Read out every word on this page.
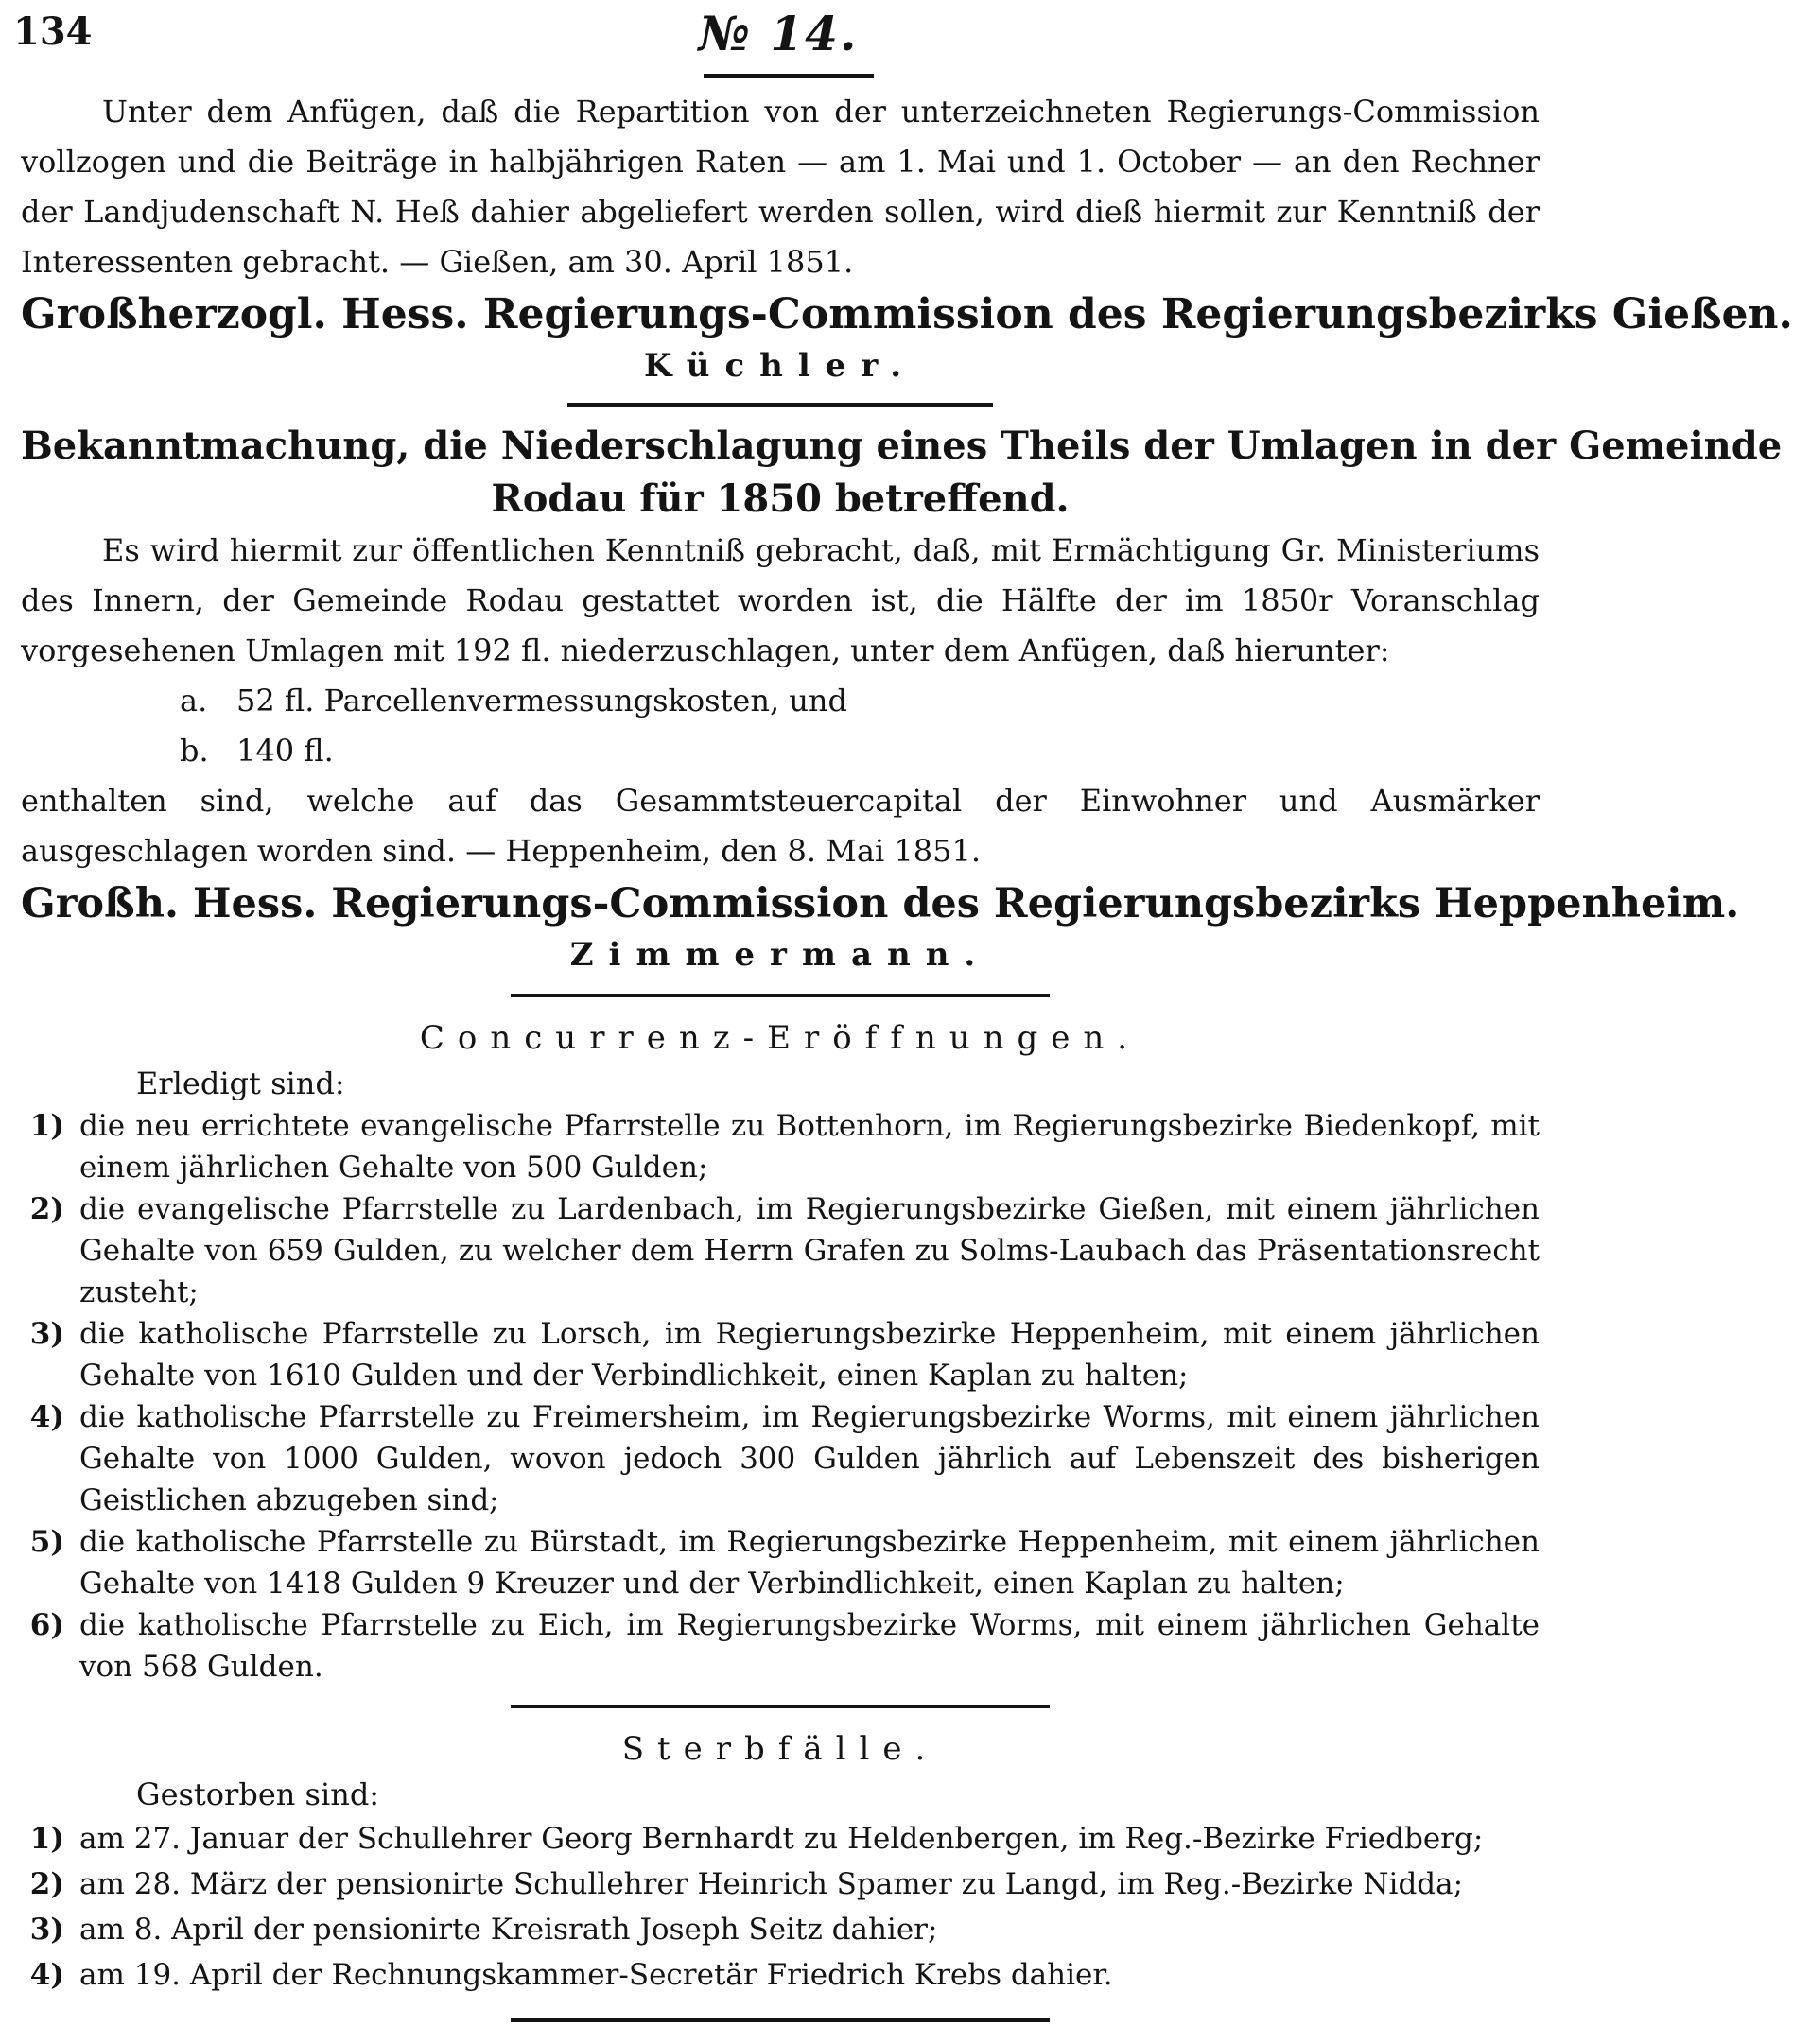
134	№ 14.

Unter dem Anfügen, daß die Repartition von der unterzeichneten Regierungs-Commission vollzogen und die Beiträge in halbjährigen Raten — am 1. Mai und 1. October — an den Rechner der Landjudenschaft N. Heß dahier abgeliefert werden sollen, wird dieß hiermit zur Kenntniß der Interessenten gebracht. — Gießen, am 30. April 1851.

Großherzogl. Hess. Regierungs-Commission des Regierungsbezirks Gießen.

Küchler.

Bekanntmachung, die Niederschlagung eines Theils der Umlagen in der Gemeinde

Rodau für 1850 betreffend.

Es wird hiermit zur öffentlichen Kenntniß gebracht, daß, mit Ermächtigung Gr. Ministeriums des Innern, der Gemeinde Rodau gestattet worden ist, die Hälfte der im 1850r Voranschlag vorgesehenen Umlagen mit 192 fl. niederzuschlagen, unter dem Anfügen, daß hierunter:

a. 52 fl. Parcellenvermessungskosten, und
b. 140 fl.

enthalten sind, welche auf das Gesammtsteuercapital der Einwohner und Ausmärker ausgeschlagen worden sind. — Heppenheim, den 8. Mai 1851.

Großh. Hess. Regierungs-Commission des Regierungsbezirks Heppenheim.

Zimmermann.

Concurrenz-Eröffnungen.

Erledigt sind:

1) die neu errichtete evangelische Pfarrstelle zu Bottenhorn, im Regierungsbezirke Biedenkopf, mit einem jährlichen Gehalte von 500 Gulden;
2) die evangelische Pfarrstelle zu Lardenbach, im Regierungsbezirke Gießen, mit einem jährlichen Gehalte von 659 Gulden, zu welcher dem Herrn Grafen zu Solms-Laubach das Präsentationsrecht zusteht;
3) die katholische Pfarrstelle zu Lorsch, im Regierungsbezirke Heppenheim, mit einem jährlichen Gehalte von 1610 Gulden und der Verbindlichkeit, einen Kaplan zu halten;
4) die katholische Pfarrstelle zu Freimersheim, im Regierungsbezirke Worms, mit einem jährlichen Gehalte von 1000 Gulden, wovon jedoch 300 Gulden jährlich auf Lebenszeit des bisherigen Geistlichen abzugeben sind;
5) die katholische Pfarrstelle zu Bürstadt, im Regierungsbezirke Heppenheim, mit einem jährlichen Gehalte von 1418 Gulden 9 Kreuzer und der Verbindlichkeit, einen Kaplan zu halten;
6) die katholische Pfarrstelle zu Eich, im Regierungsbezirke Worms, mit einem jährlichen Gehalte von 568 Gulden.

Sterbfälle.

Gestorben sind:

1) am 27. Januar der Schullehrer Georg Bernhardt zu Heldenbergen, im Reg.-Bezirke Friedberg;
2) am 28. März der pensionirte Schullehrer Heinrich Spamer zu Langd, im Reg.-Bezirke Nidda;
3) am 8. April der pensionirte Kreisrath Joseph Seitz dahier;
4) am 19. April der Rechnungskammer-Secretär Friedrich Krebs dahier.
